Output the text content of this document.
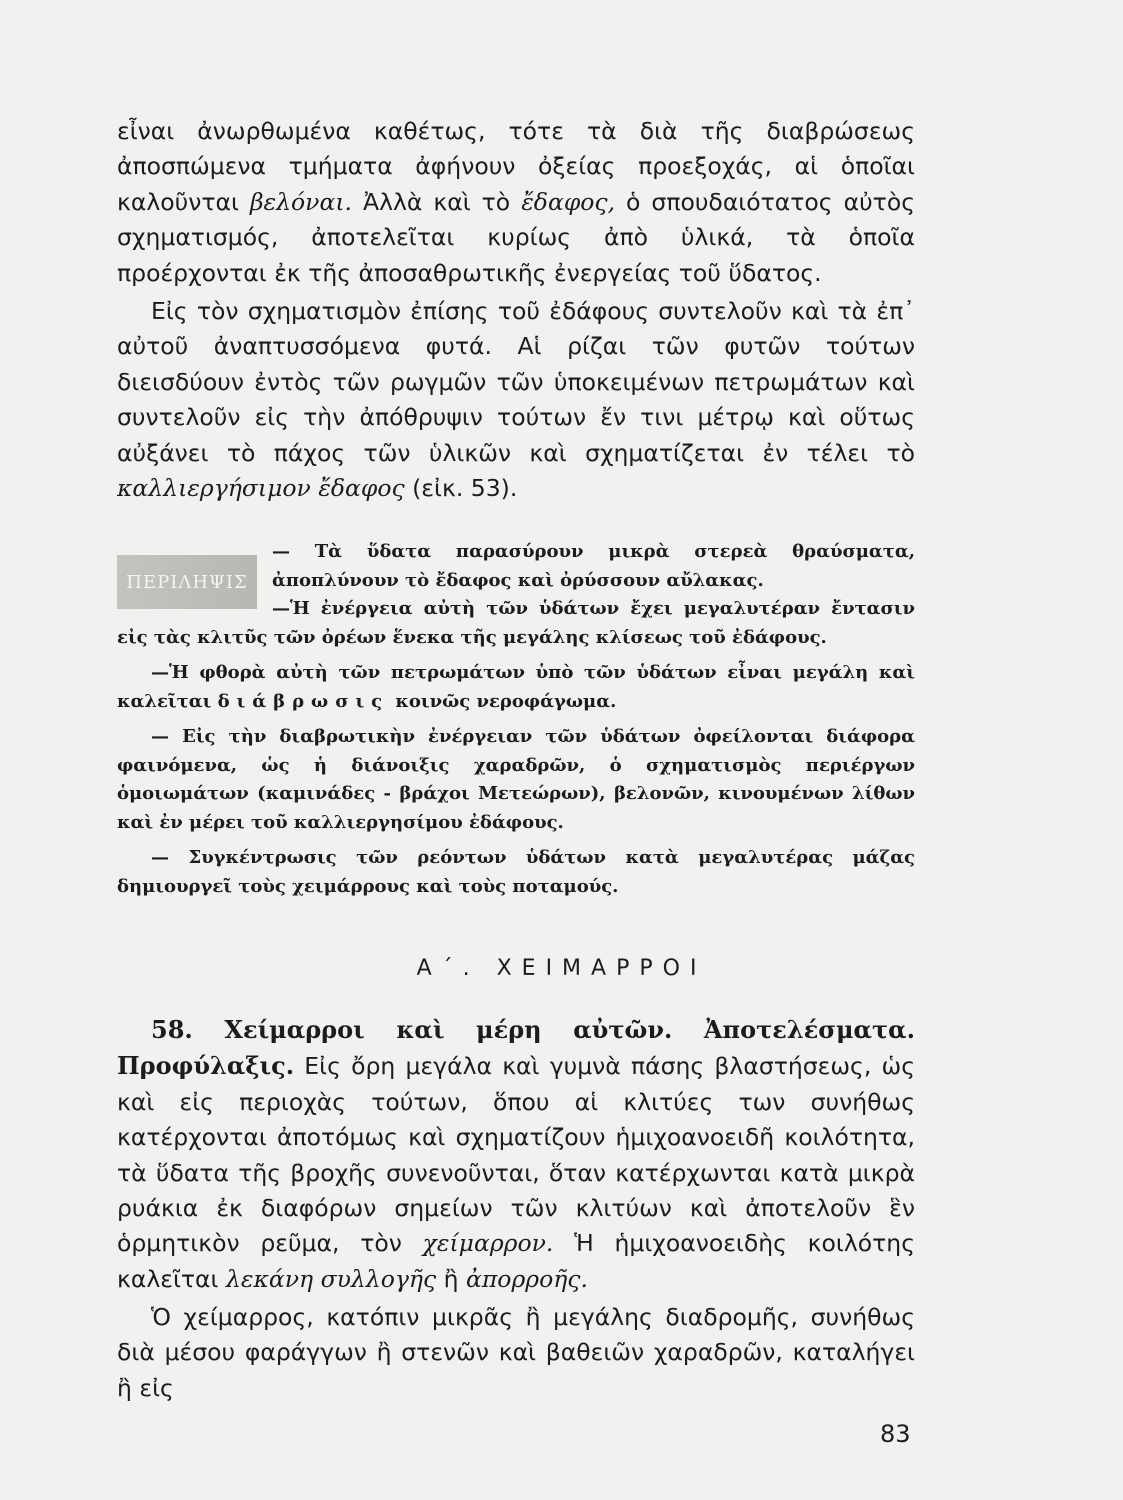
εἶναι ἀνωρθωμένα καθέτως, τότε τὰ διὰ τῆς διαβρώσεως ἀποσπώμενα τμήματα ἀφήνουν ὀξείας προεξοχάς, αἱ ὁποῖαι καλοῦνται βελόναι. Ἀλλὰ καὶ τὸ ἔδαφος, ὁ σπουδαιότατος αὐτὸς σχηματισμός, ἀποτελεῖται κυρίως ἀπὸ ὑλικά, τὰ ὁποῖα προέρχονται ἐκ τῆς ἀποσαθρωτικῆς ἐνεργείας τοῦ ὕδατος.

Εἰς τὸν σχηματισμὸν ἐπίσης τοῦ ἐδάφους συντελοῦν καὶ τὰ ἐπ᾽ αὐτοῦ ἀναπτυσσόμενα φυτά. Αἱ ρίζαι τῶν φυτῶν τούτων διεισδύουν ἐντὸς τῶν ρωγμῶν τῶν ὑποκειμένων πετρωμάτων καὶ συντελοῦν εἰς τὴν ἀπόθρυψιν τούτων ἔν τινι μέτρῳ καὶ οὕτως αὐξάνει τὸ πάχος τῶν ὑλικῶν καὶ σχηματίζεται ἐν τέλει τὸ καλλιεργήσιμον ἔδαφος (εἰκ. 53).

ΠΕΡΙΛΗΨΙΣ

— Τὰ ὕδατα παρασύρουν μικρὰ στερεὰ θραύσματα, ἀποπλύνουν τὸ ἔδαφος καὶ ὀρύσσουν αὔλακας.

—Ἡ ἐνέργεια αὐτὴ τῶν ὑδάτων ἔχει μεγαλυτέραν ἔντασιν εἰς τὰς κλιτῦς τῶν ὀρέων ἕνεκα τῆς μεγάλης κλίσεως τοῦ ἐδάφους.

—Ἡ φθορὰ αὐτὴ τῶν πετρωμάτων ὑπὸ τῶν ὑδάτων εἶναι μεγάλη καὶ καλεῖται διάβρωσις κοινῶς νεροφάγωμα.

— Εἰς τὴν διαβρωτικὴν ἐνέργειαν τῶν ὑδάτων ὀφείλονται διάφορα φαινόμενα, ὡς ἡ διάνοιξις χαραδρῶν, ὁ σχηματισμὸς περιέργων ὁμοιωμάτων (καμινάδες - βράχοι Μετεώρων), βελονῶν, κινουμένων λίθων καὶ ἐν μέρει τοῦ καλλιεργησίμου ἐδάφους.

— Συγκέντρωσις τῶν ρεόντων ὑδάτων κατὰ μεγαλυτέρας μάζας δημιουργεῖ τοὺς χειμάρρους καὶ τοὺς ποταμούς.

Α΄. ΧΕΙΜΑΡΡΟΙ

58. Χείμαρροι καὶ μέρη αὐτῶν. Ἀποτελέσματα. Προφύλαξις. Εἰς ὄρη μεγάλα καὶ γυμνὰ πάσης βλαστήσεως, ὡς καὶ εἰς περιοχὰς τούτων, ὅπου αἱ κλιτύες των συνήθως κατέρχονται ἀποτόμως καὶ σχηματίζουν ἡμιχοανοειδῆ κοιλότητα, τὰ ὕδατα τῆς βροχῆς συνενοῦνται, ὅταν κατέρχωνται κατὰ μικρὰ ρυάκια ἐκ διαφόρων σημείων τῶν κλιτύων καὶ ἀποτελοῦν ἓν ὁρμητικὸν ρεῦμα, τὸν χείμαρρον. Ἡ ἡμιχοανοειδὴς κοιλότης καλεῖται λεκάνη συλλογῆς ἢ ἀπορροῆς.

Ὁ χείμαρρος, κατόπιν μικρᾶς ἢ μεγάλης διαδρομῆς, συνήθως διὰ μέσου φαράγγων ἢ στενῶν καὶ βαθειῶν χαραδρῶν, καταλήγει ἢ εἰς

83
